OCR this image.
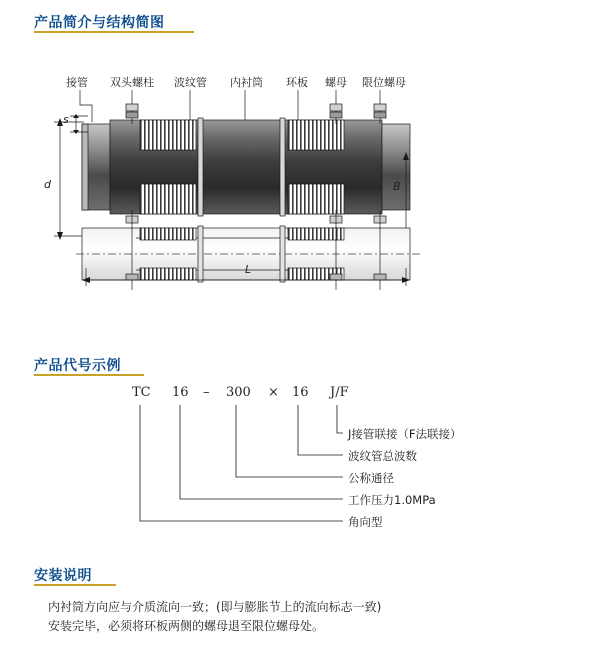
产品简介与结构简图
接管 双头螺柱 波纹管 内衬筒 环板 螺母 限位螺母
s
d	B
L
产品代号示例
TC 16 – 300 × 16 J/F
J接管联接（F法联接）
波纹管总波数
公称通径
工作压力1.0MPa
角向型
安装说明
内衬筒方向应与介质流向一致；(即与膨胀节上的流向标志一致)
安装完毕，必须将环板两侧的螺母退至限位螺母处。
